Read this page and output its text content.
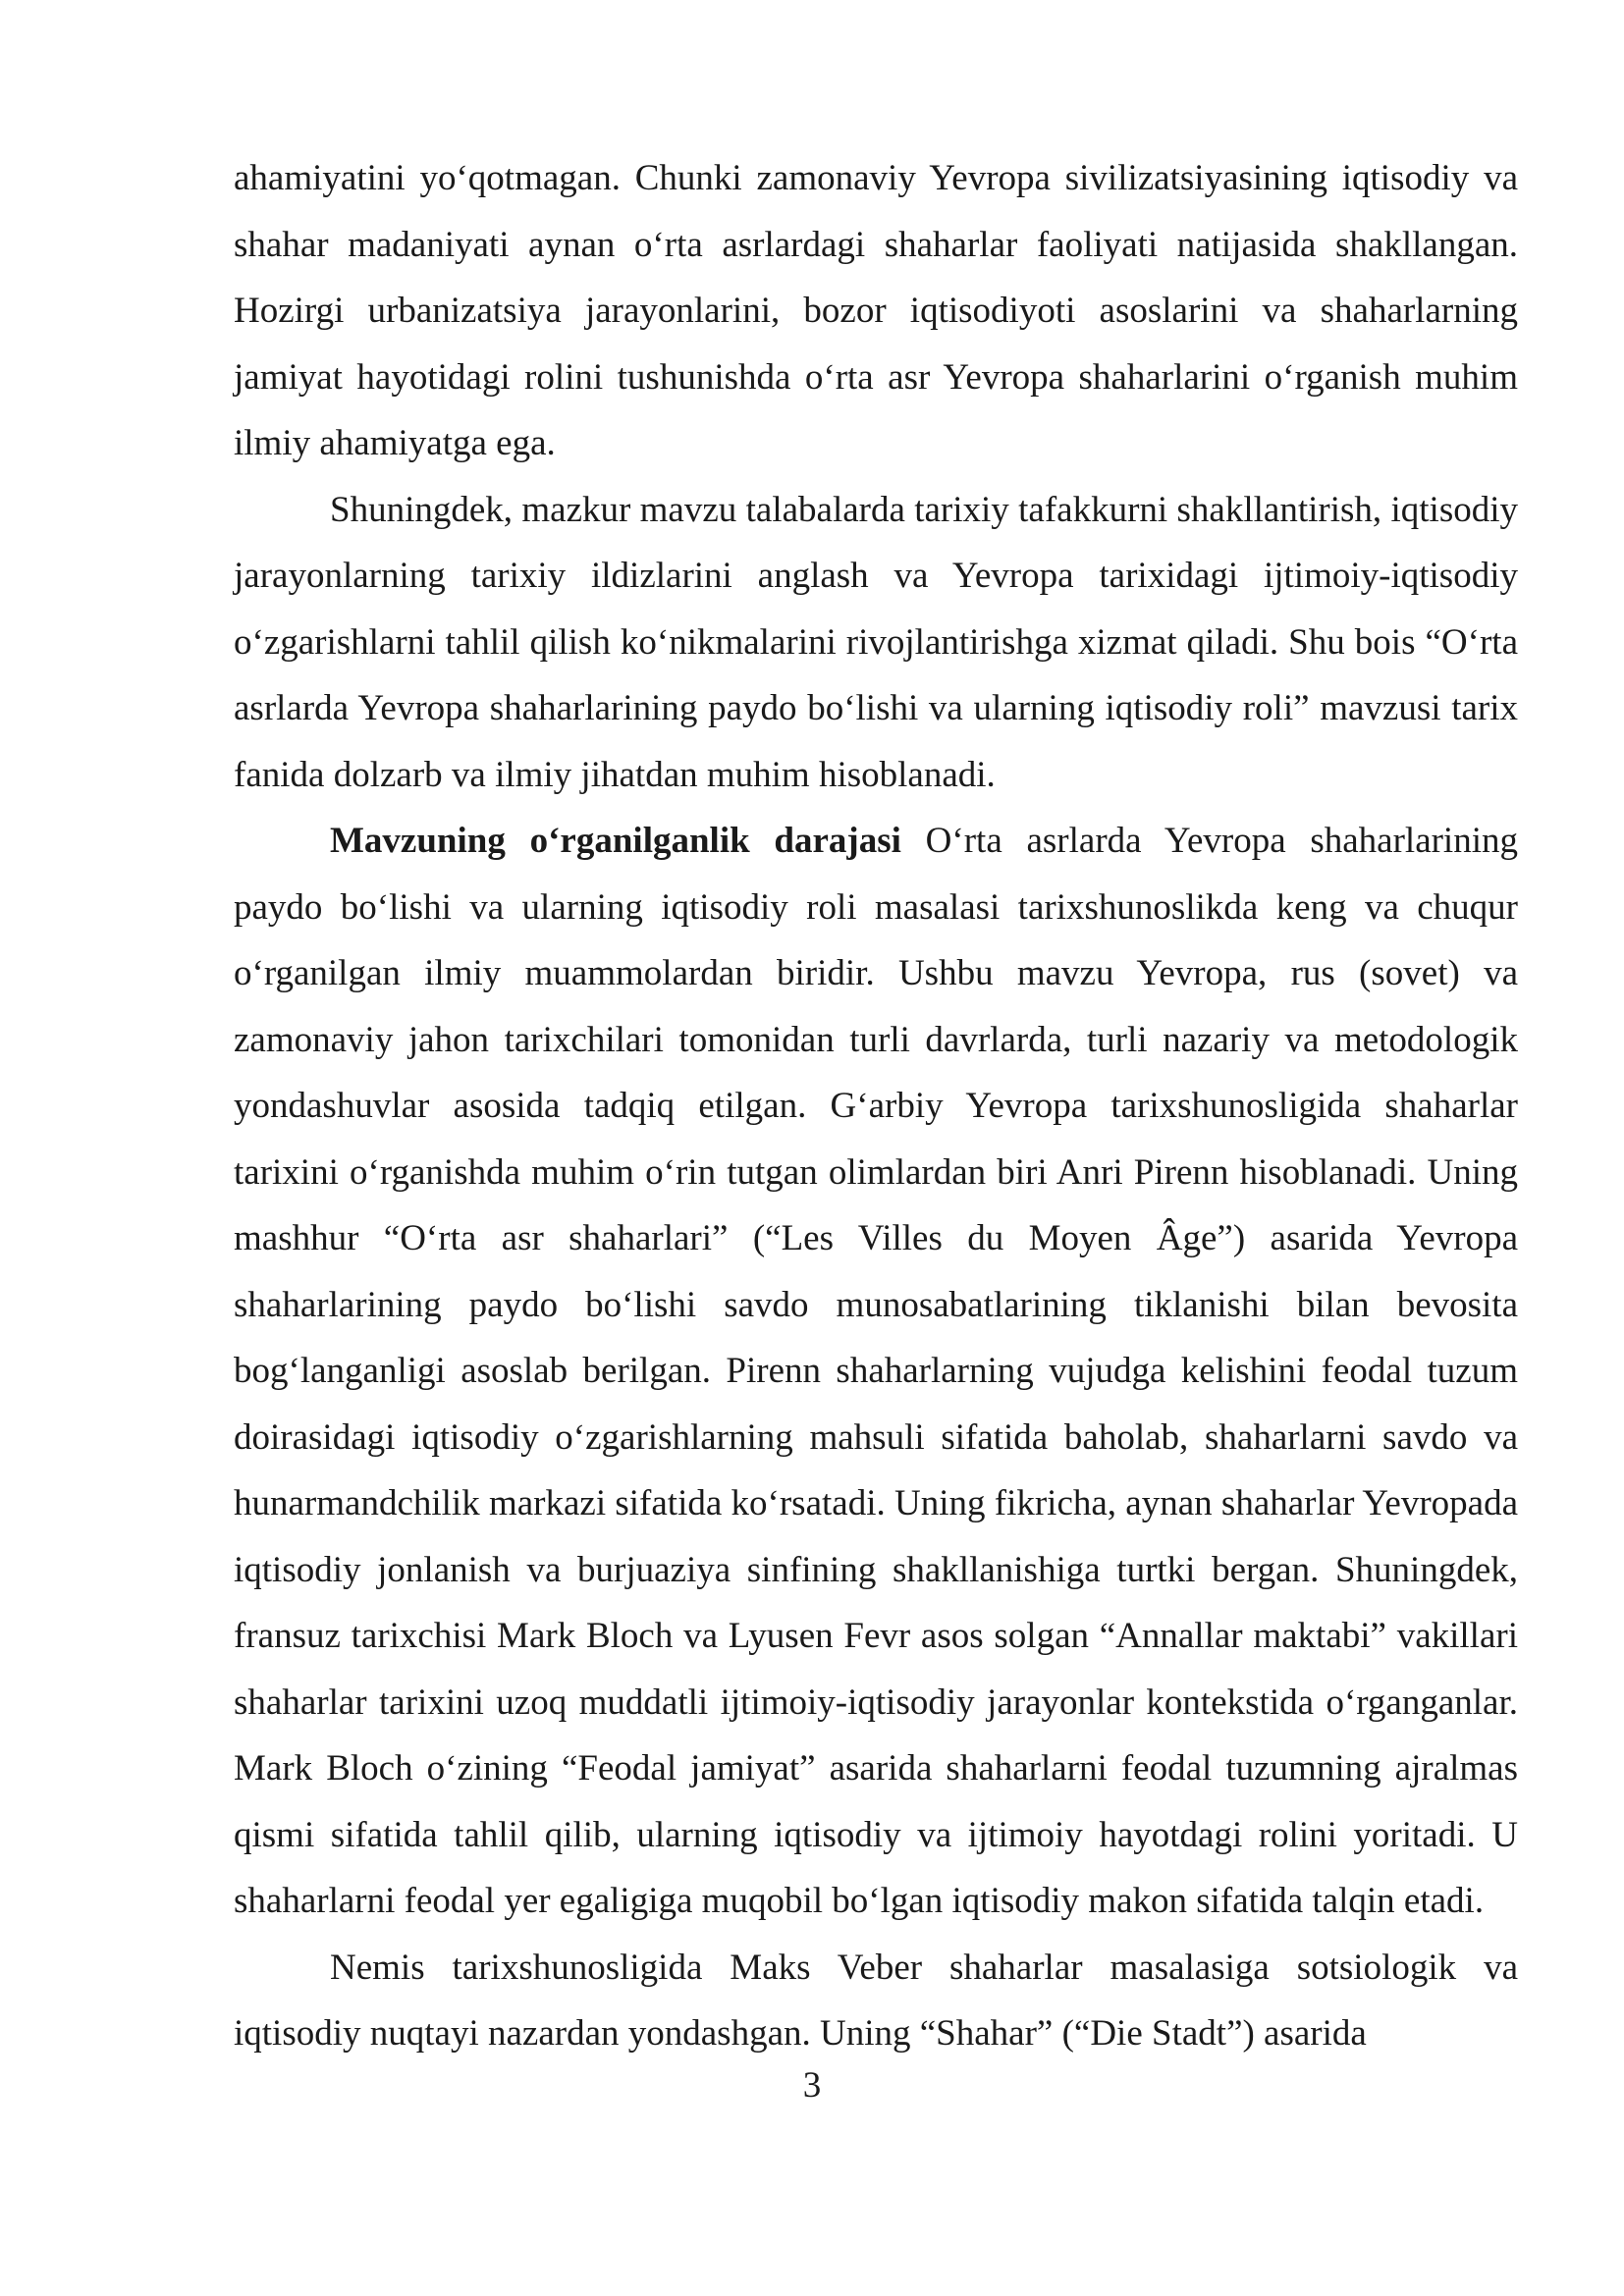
ahamiyatini yo‘qotmagan. Chunki zamonaviy Yevropa sivilizatsiyasining iqtisodiy va shahar madaniyati aynan o‘rta asrlardagi shaharlar faoliyati natijasida shakllangan. Hozirgi urbanizatsiya jarayonlarini, bozor iqtisodiyoti asoslarini va shaharlarning jamiyat hayotidagi rolini tushunishda o‘rta asr Yevropa shaharlarini o‘rganish muhim ilmiy ahamiyatga ega.

Shuningdek, mazkur mavzu talabalarda tarixiy tafakkurni shakllantirish, iqtisodiy jarayonlarning tarixiy ildizlarini anglash va Yevropa tarixidagi ijtimoiy-iqtisodiy o‘zgarishlarni tahlil qilish ko‘nikmalarini rivojlantirishga xizmat qiladi. Shu bois “O‘rta asrlarda Yevropa shaharlarining paydo bo‘lishi va ularning iqtisodiy roli” mavzusi tarix fanida dolzarb va ilmiy jihatdan muhim hisoblanadi.

Mavzuning o‘rganilganlik darajasi O‘rta asrlarda Yevropa shaharlarining paydo bo‘lishi va ularning iqtisodiy roli masalasi tarixshunoslikda keng va chuqur o‘rganilgan ilmiy muammolardan biridir. Ushbu mavzu Yevropa, rus (sovet) va zamonaviy jahon tarixchilari tomonidan turli davrlarda, turli nazariy va metodologik yondashuvlar asosida tadqiq etilgan. G‘arbiy Yevropa tarixshunosligida shaharlar tarixini o‘rganishda muhim o‘rin tutgan olimlardan biri Anri Pirenn hisoblanadi. Uning mashhur “O‘rta asr shaharlari” (“Les Villes du Moyen Âge”) asarida Yevropa shaharlarining paydo bo‘lishi savdo munosabatlarining tiklanishi bilan bevosita bog‘langanligi asoslab berilgan. Pirenn shaharlarning vujudga kelishini feodal tuzum doirasidagi iqtisodiy o‘zgarishlarning mahsuli sifatida baholab, shaharlarni savdo va hunarmandchilik markazi sifatida ko‘rsatadi. Uning fikricha, aynan shaharlar Yevropada iqtisodiy jonlanish va burjuaziya sinfining shakllanishiga turtki bergan. Shuningdek, fransuz tarixchisi Mark Bloch va Lyusen Fevr asos solgan “Annallar maktabi” vakillari shaharlar tarixini uzoq muddatli ijtimoiy-iqtisodiy jarayonlar kontekstida o‘rganganlar. Mark Bloch o‘zining “Feodal jamiyat” asarida shaharlarni feodal tuzumning ajralmas qismi sifatida tahlil qilib, ularning iqtisodiy va ijtimoiy hayotdagi rolini yoritadi. U shaharlarni feodal yer egaligiga muqobil bo‘lgan iqtisodiy makon sifatida talqin etadi.

Nemis tarixshunosligida Maks Veber shaharlar masalasiga sotsiologik va iqtisodiy nuqtayi nazardan yondashgan. Uning “Shahar” (“Die Stadt”) asarida

3
